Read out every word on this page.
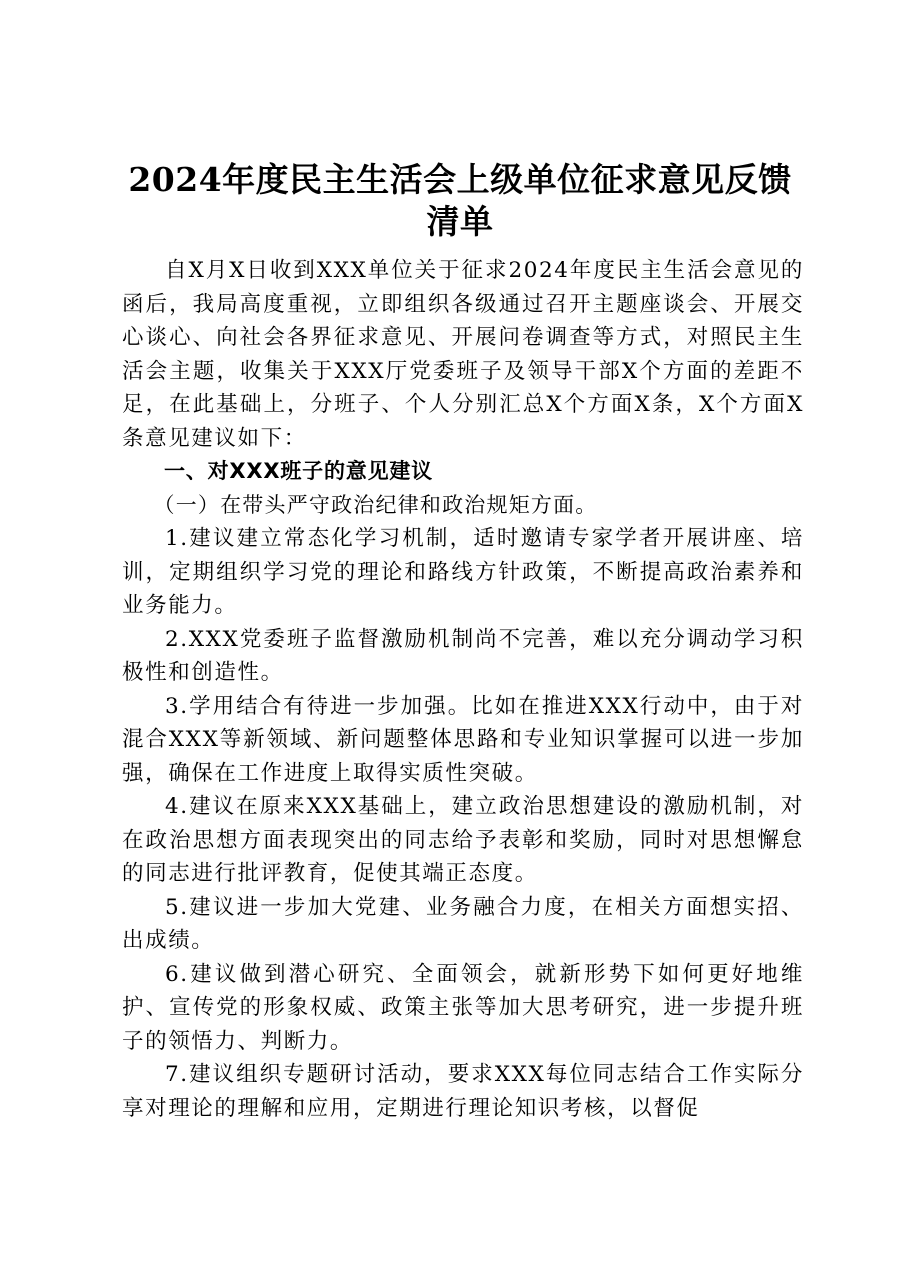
2024年度民主生活会上级单位征求意见反馈
清单

自X月X日收到XXX单位关于征求2024年度民主生活会意见的函后，我局高度重视，立即组织各级通过召开主题座谈会、开展交心谈心、向社会各界征求意见、开展问卷调查等方式，对照民主生活会主题，收集关于XXX厅党委班子及领导干部X个方面的差距不足，在此基础上，分班子、个人分别汇总X个方面X条，X个方面X条意见建议如下：

一、对XXX班子的意见建议

（一）在带头严守政治纪律和政治规矩方面。

1.建议建立常态化学习机制，适时邀请专家学者开展讲座、培训，定期组织学习党的理论和路线方针政策，不断提高政治素养和业务能力。

2.XXX党委班子监督激励机制尚不完善，难以充分调动学习积极性和创造性。

3.学用结合有待进一步加强。比如在推进XXX行动中，由于对混合XXX等新领域、新问题整体思路和专业知识掌握可以进一步加强，确保在工作进度上取得实质性突破。

4.建议在原来XXX基础上，建立政治思想建设的激励机制，对在政治思想方面表现突出的同志给予表彰和奖励，同时对思想懈怠的同志进行批评教育，促使其端正态度。

5.建议进一步加大党建、业务融合力度，在相关方面想实招、出成绩。

6.建议做到潜心研究、全面领会，就新形势下如何更好地维护、宣传党的形象权威、政策主张等加大思考研究，进一步提升班子的领悟力、判断力。

7.建议组织专题研讨活动，要求XXX每位同志结合工作实际分享对理论的理解和应用，定期进行理论知识考核，以督促
